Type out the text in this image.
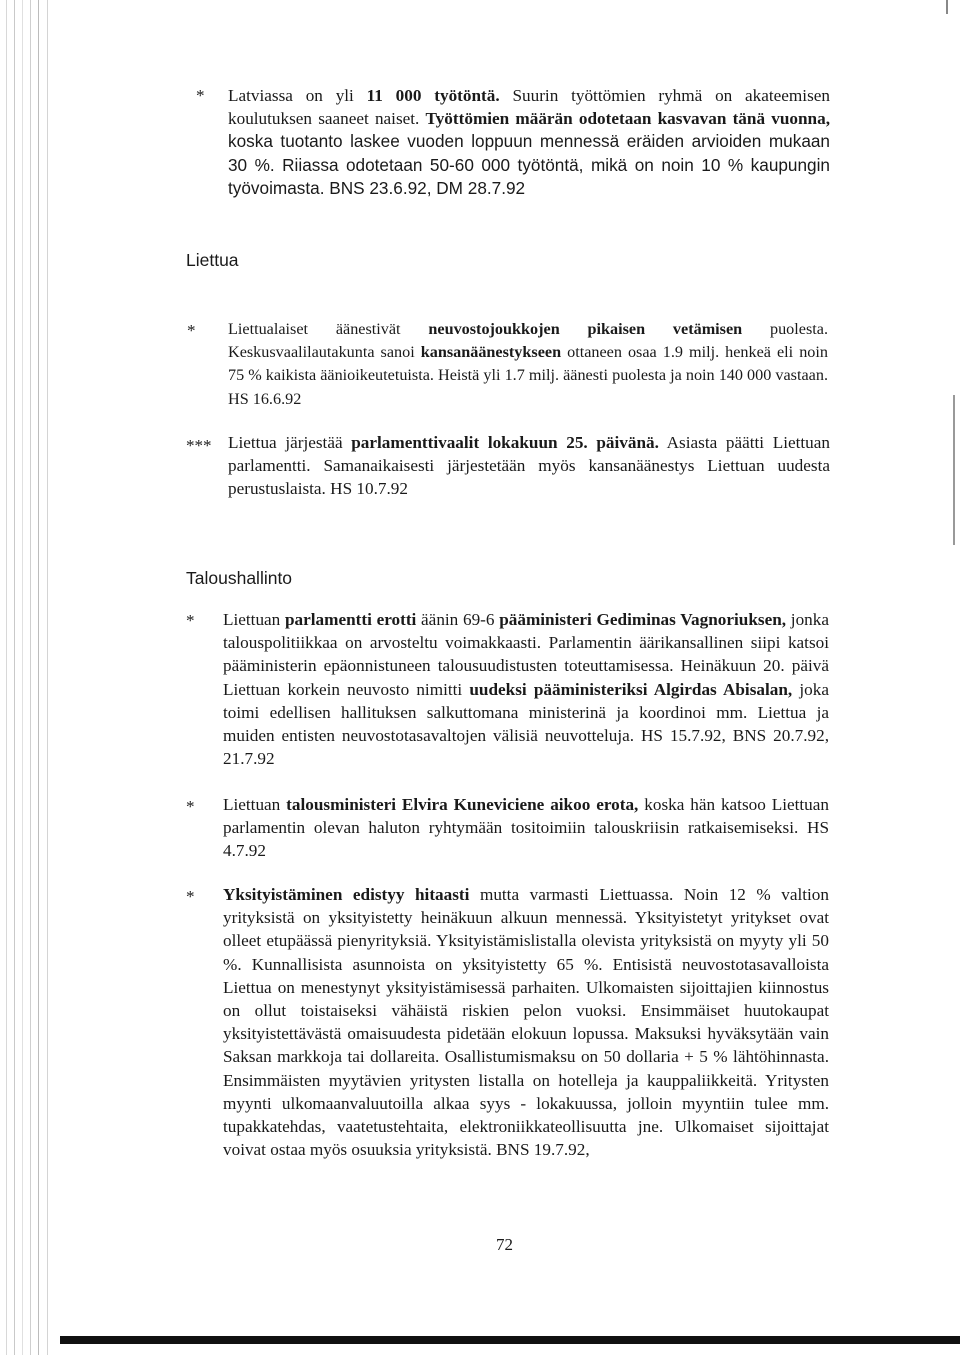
* Latviassa on yli 11 000 työtöntä. Suurin työttömien ryhmä on akateemisen koulutuksen saaneet naiset. Työttömien määrän odotetaan kasvavan tänä vuonna, koska tuotanto laskee vuoden loppuun mennessä eräiden arvioiden mukaan 30 %. Riiassa odotetaan 50-60 000 työtöntä, mikä on noin 10 % kaupungin työvoimasta. BNS 23.6.92, DM 28.7.92

Liettua
* Liettualaiset äänestivät neuvostojoukkojen pikaisen vetämisen puolesta. Keskusvaalilautakunta sanoi kansanäänestykseen ottaneen osaa 1.9 milj. henkeä eli noin 75 % kaikista äänioikeutetuista. Heistä yli 1.7 milj. äänesti puolesta ja noin 140 000 vastaan. HS 16.6.92

*** Liettua järjestää parlamenttivaalit lokakuun 25. päivänä. Asiasta päätti Liettuan parlamentti. Samanaikaisesti järjestetään myös kansanäänestys Liettuan uudesta perustuslaista. HS 10.7.92

Taloushallinto
* Liettuan parlamentti erotti äänin 69-6 pääministeri Gediminas Vagnoriuksen, jonka talouspolitiikkaa on arvosteltu voimakkaasti. Parlamentin äärikansallinen siipi katsoi pääministerin epäonnistuneen talousuudistusten toteuttamisessa. Heinäkuun 20. päivä Liettuan korkein neuvosto nimitti uudeksi pääministeriksi Algirdas Abisalan, joka toimi edellisen hallituksen salkuttomana ministerinä ja koordinoi mm. Liettua ja muiden entisten neuvostotasavaltojen välisiä neuvotteluja. HS 15.7.92, BNS 20.7.92, 21.7.92

* Liettuan talousministeri Elvira Kuneviciene aikoo erota, koska hän katsoo Liettuan parlamentin olevan haluton ryhtymään tositoimiin talouskriisin ratkaisemiseksi. HS 4.7.92

* Yksityistäminen edistyy hitaasti mutta varmasti Liettuassa. Noin 12 % valtion yrityksistä on yksityistetty heinäkuun alkuun mennessä. Yksityistetyt yritykset ovat olleet etupäässä pienyrityksiä. Yksityistämislistalla olevista yrityksistä on myyty yli 50 %. Kunnallisista asunnoista on yksityistetty 65 %. Entisistä neuvostotasavalloista Liettua on menestynyt yksityistämisessä parhaiten. Ulkomaisten sijoittajien kiinnostus on ollut toistaiseksi vähäistä riskien pelon vuoksi. Ensimmäiset huutokaupat yksityistettävästä omaisuudesta pidetään elokuun lopussa. Maksuksi hyväksytään vain Saksan markkoja tai dollareita. Osallistumismaksu on 50 dollaria + 5 % lähtöhinnasta. Ensimmäisten myytävien yritysten listalla on hotelleja ja kauppaliikkeitä. Yritysten myynti ulkomaanvaluutoilla alkaa syys - lokakuussa, jolloin myyntiin tulee mm. tupakkatehdas, vaatetustehtaita, elektroniikkateollisuutta jne. Ulkomaiset sijoittajat voivat ostaa myös osuuksia yrityksistä. BNS 19.7.92,

72
